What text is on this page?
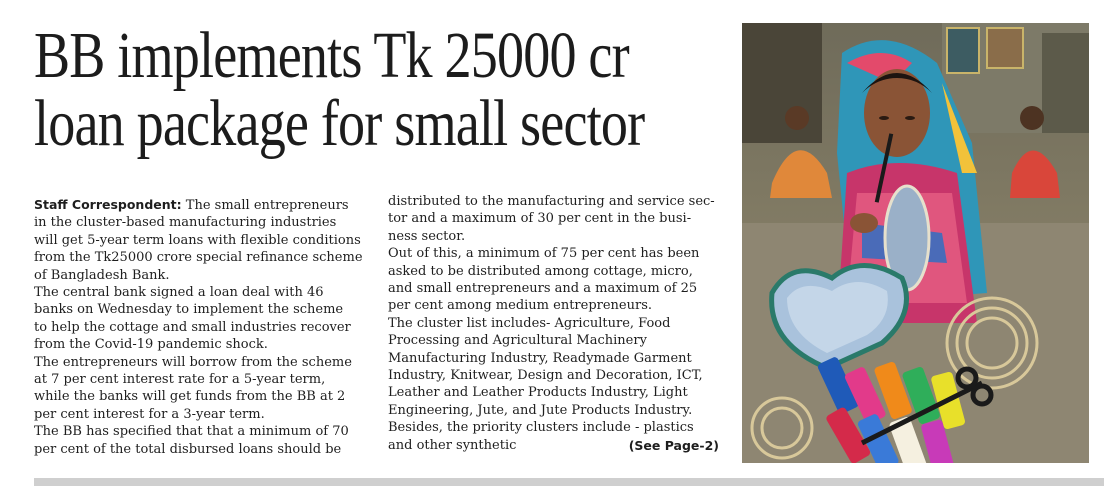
BB implements Tk 25000 cr
loan package for small sector
Staff Correspondent: The small entrepreneurs
in the cluster-based manufacturing industries
will get 5-year term loans with flexible conditions
from the Tk25000 crore special refinance scheme
of Bangladesh Bank.
The central bank signed a loan deal with 46
banks on Wednesday to implement the scheme
to help the cottage and small industries recover
from the Covid-19 pandemic shock.
The entrepreneurs will borrow from the scheme
at 7 per cent interest rate for a 5-year term,
while the banks will get funds from the BB at 2
per cent interest for a 3-year term.
The BB has specified that that a minimum of 70
per cent of the total disbursed loans should be
distributed to the manufacturing and service sec-
tor and a maximum of 30 per cent in the busi-
ness sector.
Out of this, a minimum of 75 per cent has been
asked to be distributed among cottage, micro,
and small entrepreneurs and a maximum of 25
per cent among medium entrepreneurs.
The cluster list includes- Agriculture, Food
Processing and Agricultural Machinery
Manufacturing Industry, Readymade Garment
Industry, Knitwear, Design and Decoration, ICT,
Leather and Leather Products Industry, Light
Engineering, Jute, and Jute Products Industry.
Besides, the priority clusters include - plastics
and other synthetic	(See Page-2)
